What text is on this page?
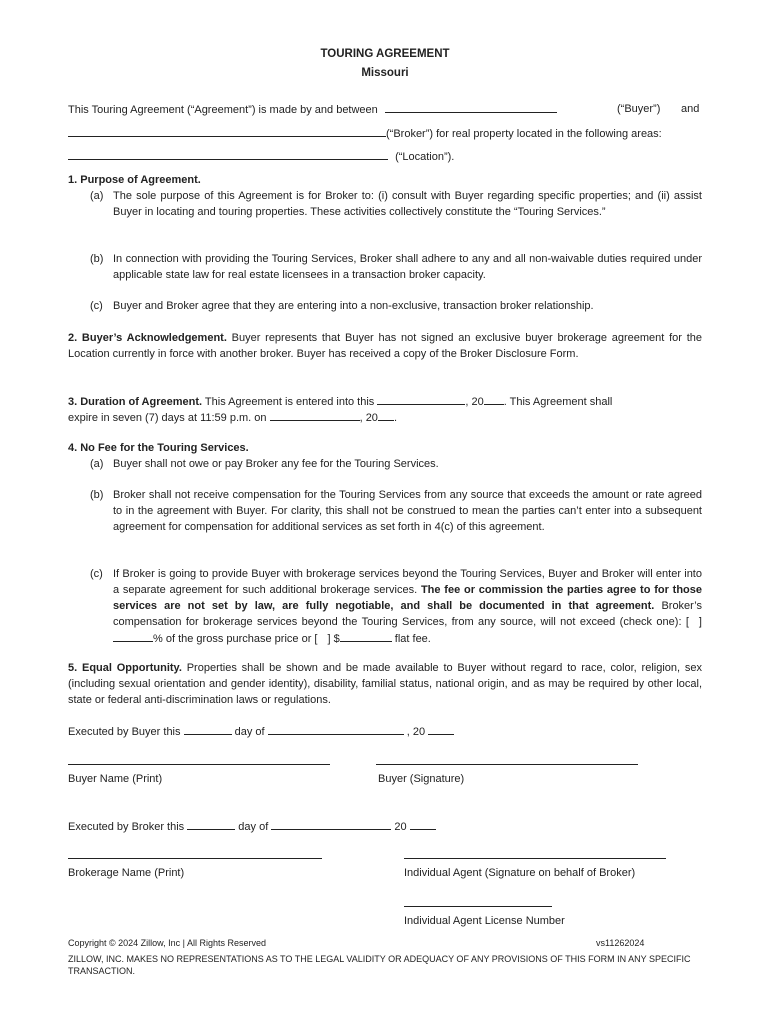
TOURING AGREEMENT
Missouri
This Touring Agreement (“Agreement”) is made by and between	(“Buyer”) and
(“Broker”) for real property located in the following areas:
(“Location”).
1. Purpose of Agreement.
(a) The sole purpose of this Agreement is for Broker to: (i) consult with Buyer regarding specific properties; and (ii) assist Buyer in locating and touring properties. These activities collectively constitute the “Touring Services.”
(b) In connection with providing the Touring Services, Broker shall adhere to any and all non-waivable duties required under applicable state law for real estate licensees in a transaction broker capacity.
(c) Buyer and Broker agree that they are entering into a non-exclusive, transaction broker relationship.
2. Buyer’s Acknowledgement. Buyer represents that Buyer has not signed an exclusive buyer brokerage agreement for the Location currently in force with another broker. Buyer has received a copy of the Broker Disclosure Form.
3. Duration of Agreement. This Agreement is entered into this	, 20 . This Agreement shall
expire in seven (7) days at 11:59 p.m. on	, 20 .
4. No Fee for the Touring Services.
(a) Buyer shall not owe or pay Broker any fee for the Touring Services.
(b) Broker shall not receive compensation for the Touring Services from any source that exceeds the amount or rate agreed to in the agreement with Buyer. For clarity, this shall not be construed to mean the parties can’t enter into a subsequent agreement for compensation for additional services as set forth in 4(c) of this agreement.
(c) If Broker is going to provide Buyer with brokerage services beyond the Touring Services, Buyer and Broker will enter into a separate agreement for such additional brokerage services. The fee or commission the parties agree to for those services are not set by law, are fully negotiable, and shall be documented in that agreement. Broker’s compensation for brokerage services beyond the Touring Services, from any source, will not exceed (check one): [ ] % of the gross purchase price or [ ] $	flat fee.
5. Equal Opportunity. Properties shall be shown and be made available to Buyer without regard to race, color, religion, sex (including sexual orientation and gender identity), disability, familial status, national origin, and as may be required by other local, state or federal anti-discrimination laws or regulations.
Executed by Buyer this	day of	, 20
Buyer Name (Print)	Buyer (Signature)
Executed by Broker this	day of	20
Brokerage Name (Print)	Individual Agent (Signature on behalf of Broker)
Individual Agent License Number
Copyright © 2024 Zillow, Inc | All Rights Reserved	vs11262024
ZILLOW, INC. MAKES NO REPRESENTATIONS AS TO THE LEGAL VALIDITY OR ADEQUACY OF ANY PROVISIONS OF THIS FORM IN ANY SPECIFIC TRANSACTION.
